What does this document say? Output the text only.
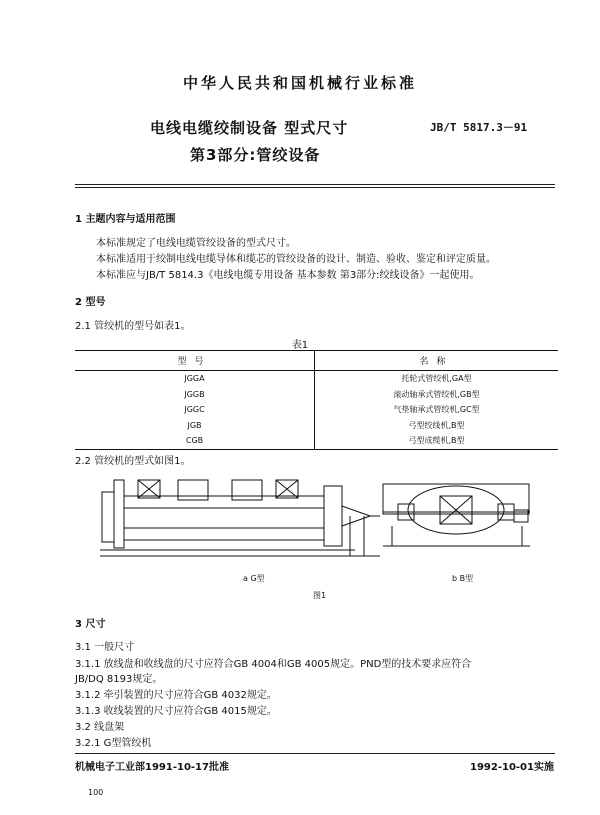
中华人民共和国机械行业标准
电线电缆绞制设备 型式尺寸	JB/T 5817.3－91
第3部分:管绞设备
1 主题内容与适用范围
本标准规定了电线电缆管绞设备的型式尺寸。
本标准适用于绞制电线电缆导体和缆芯的管绞设备的设计、制造、验收、鉴定和评定质量。
本标准应与JB/T 5814.3《电线电缆专用设备 基本参数 第3部分:绞线设备》一起使用。
2 型号
2.1 管绞机的型号如表1。
表1
型号	名称
JGGA	托轮式管绞机,GA型
JGGB	滚动轴承式管绞机,GB型
JGGC	气垫轴承式管绞机,GC型
JGB	弓型绞线机,B型
CGB	弓型成缆机,B型
2.2 管绞机的型式如图1。
a G型	b B型
图1
3 尺寸
3.1 一般尺寸
3.1.1 放线盘和收线盘的尺寸应符合GB 4004和GB 4005规定。PND型的技术要求应符合
JB/DQ 8193规定。
3.1.2 牵引装置的尺寸应符合GB 4032规定。
3.1.3 收线装置的尺寸应符合GB 4015规定。
3.2 线盘架
3.2.1 G型管绞机
机械电子工业部1991-10-17批准	1992-10-01实施
100
